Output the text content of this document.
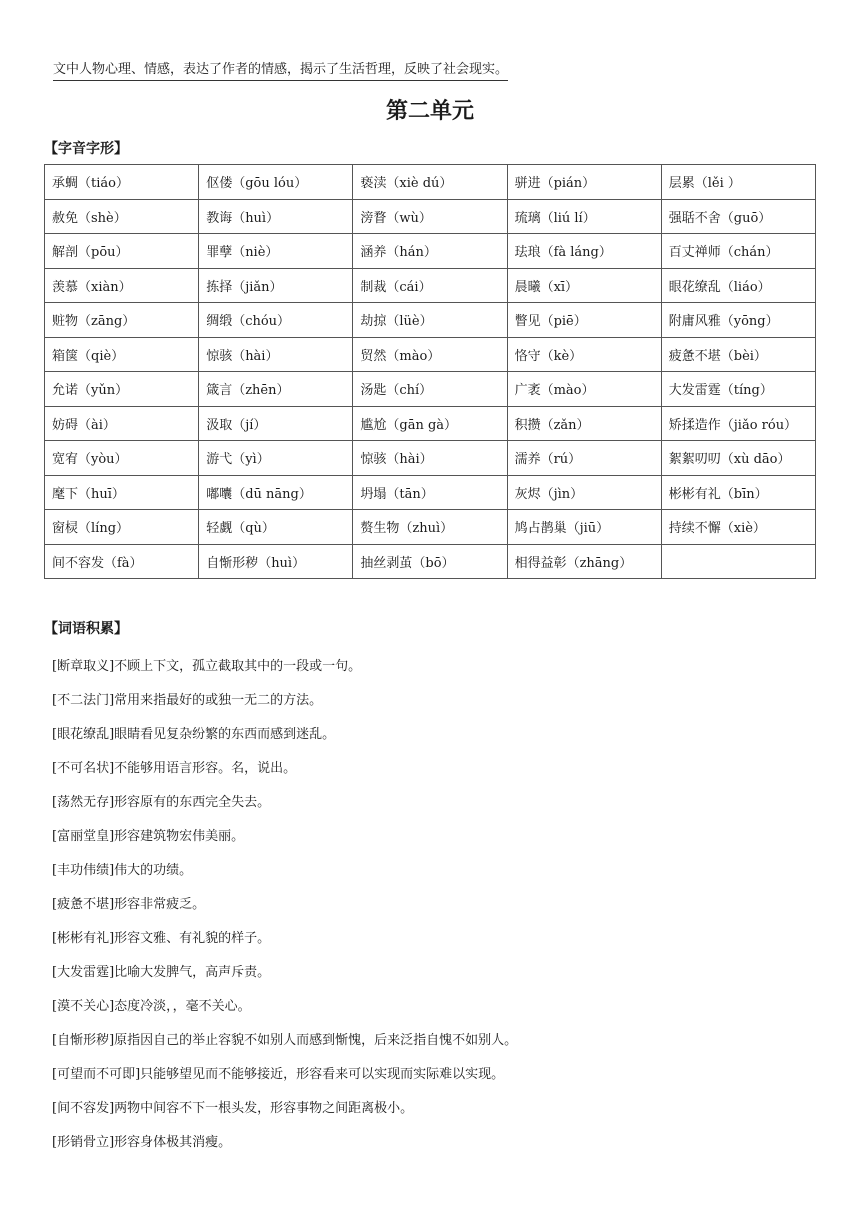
文中人物心理、情感，表达了作者的情感，揭示了生活哲理，反映了社会现实。
第二单元
【字音字形】
承蜩（tiáo）	伛偻（gōu lóu）	亵渎（xiè dú）	骈进（pián）	层累（lěi ）
赦免（shè）	教诲（huì）	滂瞀（wù）	琉璃（liú lí）	强聒不舍（guō）
解剖（pōu）	罪孽（niè）	涵养（hán）	珐琅（fà láng）	百丈禅师（chán）
羡慕（xiàn）	拣择（jiǎn）	制裁（cái）	晨曦（xī）	眼花缭乱（liáo）
赃物（zāng）	绸缎（chóu）	劫掠（lüè）	瞥见（piē）	附庸风雅（yōng）
箱箧（qiè）	惊骇（hài）	贸然（mào）	恪守（kè）	疲惫不堪（bèi）
允诺（yǔn）	箴言（zhēn）	汤匙（chí）	广袤（mào）	大发雷霆（tíng）
妨碍（ài）	汲取（jí）	尴尬（gān gà）	积攒（zǎn）	矫揉造作（jiǎo róu）
宽宥（yòu）	游弋（yì）	惊骇（hài）	濡养（rú）	絮絮叨叨（xù dāo）
麾下（huī）	嘟囔（dū nāng）	坍塌（tān）	灰烬（jìn）	彬彬有礼（bīn）
窗棂（líng）	轻觑（qù）	赘生物（zhuì）	鸠占鹊巢（jiū）	持续不懈（xiè）
间不容发（fà）	自惭形秽（huì）	抽丝剥茧（bō）	相得益彰（zhāng）	
【词语积累】
[断章取义]不顾上下文，孤立截取其中的一段或一句。
[不二法门]常用来指最好的或独一无二的方法。
[眼花缭乱]眼睛看见复杂纷繁的东西而感到迷乱。
[不可名状]不能够用语言形容。名，说出。
[荡然无存]形容原有的东西完全失去。
[富丽堂皇]形容建筑物宏伟美丽。
[丰功伟绩]伟大的功绩。
[疲惫不堪]形容非常疲乏。
[彬彬有礼]形容文雅、有礼貌的样子。
[大发雷霆]比喻大发脾气，高声斥责。
[漠不关心]态度冷淡，，毫不关心。
[自惭形秽]原指因自己的举止容貌不如别人而感到惭愧，后来泛指自愧不如别人。
[可望而不可即]只能够望见而不能够接近，形容看来可以实现而实际难以实现。
[间不容发]两物中间容不下一根头发，形容事物之间距离极小。
[形销骨立]形容身体极其消瘦。
